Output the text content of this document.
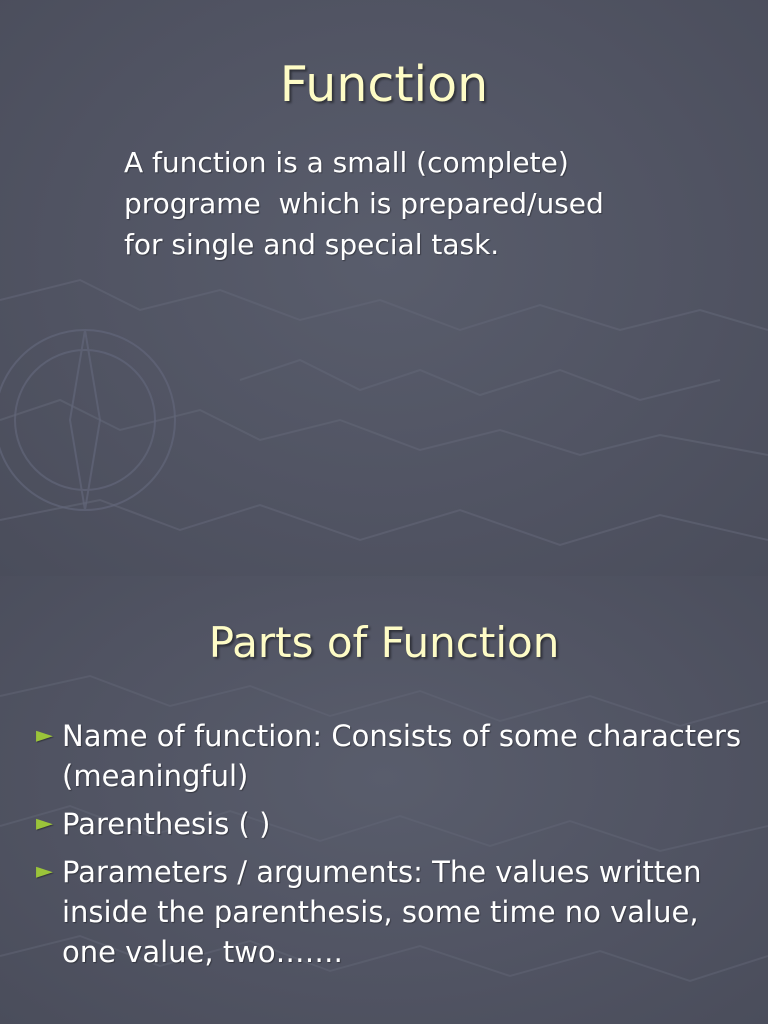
Function
A function is a small (complete)
programe  which is prepared/used
for single and special task.
Parts of Function
► Name of function: Consists of some characters (meaningful)
► Parenthesis ( )
► Parameters / arguments: The values written inside the parenthesis, some time no value, one value, two…….
